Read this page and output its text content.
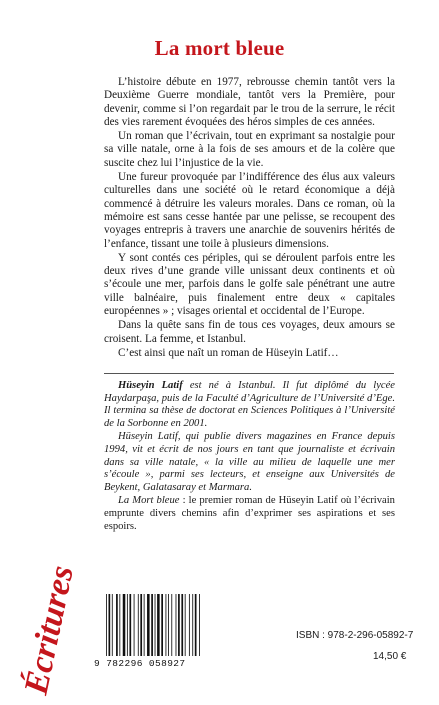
La mort bleue

L’histoire débute en 1977, rebrousse chemin tantôt vers la Deuxième Guerre mondiale, tantôt vers la Première, pour devenir, comme si l’on regardait par le trou de la serrure, le récit des vies rarement évoquées des héros simples de ces années.

Un roman que l’écrivain, tout en exprimant sa nostalgie pour sa ville natale, orne à la fois de ses amours et de la colère que suscite chez lui l’injustice de la vie.

Une fureur provoquée par l’indifférence des élus aux valeurs culturelles dans une société où le retard économique a déjà commencé à détruire les valeurs morales. Dans ce roman, où la mémoire est sans cesse hantée par une pelisse, se recoupent des voyages entrepris à travers une anarchie de souvenirs hérités de l’enfance, tissant une toile à plusieurs dimensions.

Y sont contés ces périples, qui se déroulent parfois entre les deux rives d’une grande ville unissant deux continents et où s’écoule une mer, parfois dans le golfe sale pénétrant une autre ville balnéaire, puis finalement entre deux « capitales européennes » ; visages oriental et occidental de l’Europe.

Dans la quête sans fin de tous ces voyages, deux amours se croisent. La femme, et Istanbul.

C’est ainsi que naît un roman de Hüseyin Latif…

Hüseyin Latif est né à Istanbul. Il fut diplômé du lycée Haydarpaşa, puis de la Faculté d’Agriculture de l’Université d’Ege. Il termina sa thèse de doctorat en Sciences Politiques à l’Université de la Sorbonne en 2001.

Hüseyin Latif, qui publie divers magazines en France depuis 1994, vit et écrit de nos jours en tant que journaliste et écrivain dans sa ville natale, « la ville au milieu de laquelle une mer s’écoule », parmi ses lecteurs, et enseigne aux Universités de Beykent, Galatasaray et Marmara.

La Mort bleue : le premier roman de Hüseyin Latif où l’écrivain emprunte divers chemins afin d’exprimer ses aspirations et ses espoirs.

Écritures 9 782296 058927
ISBN : 978-2-296-05892-7
14,50 €
